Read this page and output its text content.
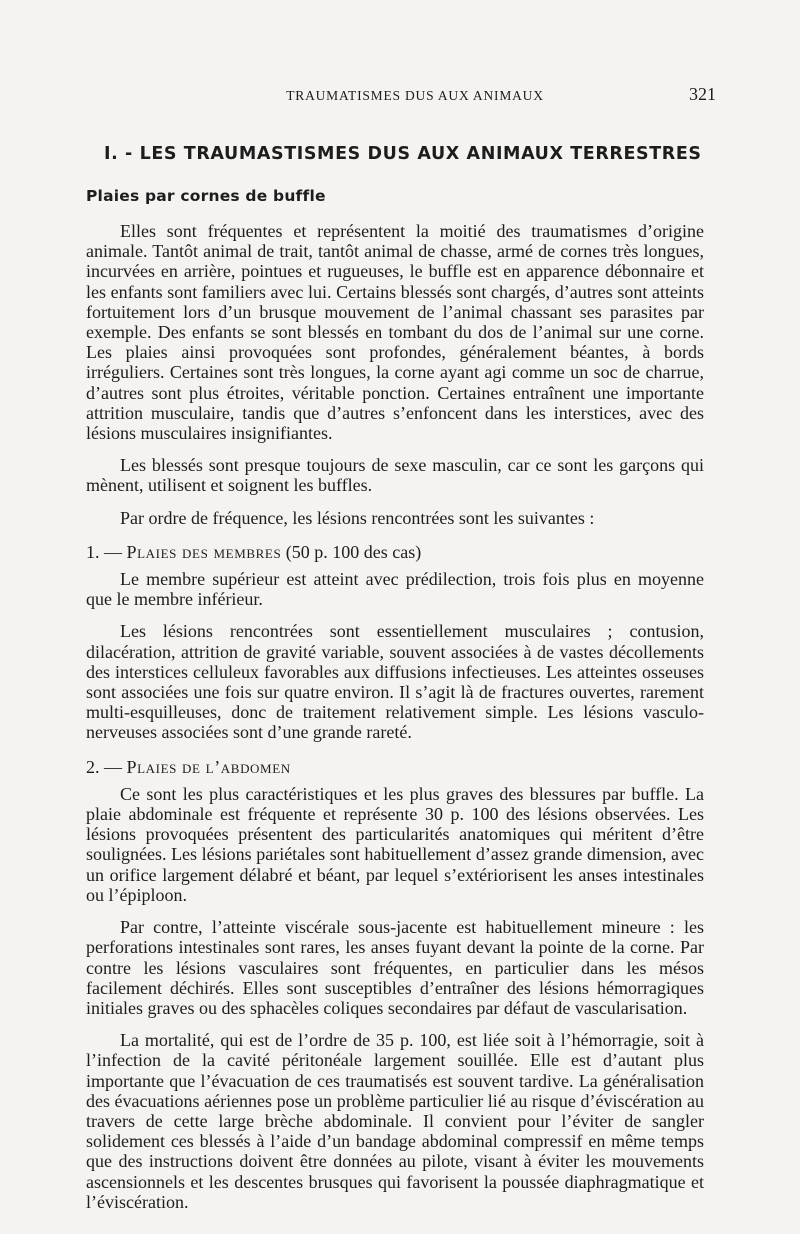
TRAUMATISMES DUS AUX ANIMAUX	321
I. - LES TRAUMASTISMES DUS AUX ANIMAUX TERRESTRES
Plaies par cornes de buffle

Elles sont fréquentes et représentent la moitié des traumatismes d’origine animale. Tantôt animal de trait, tantôt animal de chasse, armé de cornes très longues, incurvées en arrière, pointues et rugueuses, le buffle est en apparence débonnaire et les enfants sont familiers avec lui. Certains blessés sont chargés, d’autres sont atteints fortuitement lors d’un brusque mouvement de l’animal chassant ses parasites par exemple. Des enfants se sont blessés en tombant du dos de l’animal sur une corne. Les plaies ainsi provoquées sont profondes, généralement béantes, à bords irréguliers. Certaines sont très longues, la corne ayant agi comme un soc de charrue, d’autres sont plus étroites, véritable ponction. Certaines entraînent une importante attrition musculaire, tandis que d’autres s’enfoncent dans les interstices, avec des lésions musculaires insignifiantes.

Les blessés sont presque toujours de sexe masculin, car ce sont les garçons qui mènent, utilisent et soignent les buffles.

Par ordre de fréquence, les lésions rencontrées sont les suivantes :

1. — Plaies des membres (50 p. 100 des cas)

Le membre supérieur est atteint avec prédilection, trois fois plus en moyenne que le membre inférieur.

Les lésions rencontrées sont essentiellement musculaires ; contusion, dilacération, attrition de gravité variable, souvent associées à de vastes décollements des interstices celluleux favorables aux diffusions infectieuses. Les atteintes osseuses sont associées une fois sur quatre environ. Il s’agit là de fractures ouvertes, rarement multi-esquilleuses, donc de traitement relativement simple. Les lésions vasculo-nerveuses associées sont d’une grande rareté.

2. — Plaies de l’abdomen

Ce sont les plus caractéristiques et les plus graves des blessures par buffle. La plaie abdominale est fréquente et représente 30 p. 100 des lésions observées. Les lésions provoquées présentent des particularités anatomiques qui méritent d’être soulignées. Les lésions pariétales sont habituellement d’assez grande dimension, avec un orifice largement délabré et béant, par lequel s’extériorisent les anses intestinales ou l’épiploon.

Par contre, l’atteinte viscérale sous-jacente est habituellement mineure : les perforations intestinales sont rares, les anses fuyant devant la pointe de la corne. Par contre les lésions vasculaires sont fréquentes, en particulier dans les mésos facilement déchirés. Elles sont susceptibles d’entraîner des lésions hémorragiques initiales graves ou des sphacèles coliques secondaires par défaut de vascularisation.

La mortalité, qui est de l’ordre de 35 p. 100, est liée soit à l’hémorragie, soit à l’infection de la cavité péritonéale largement souillée. Elle est d’autant plus importante que l’évacuation de ces traumatisés est souvent tardive. La généralisation des évacuations aériennes pose un problème particulier lié au risque d’éviscération au travers de cette large brèche abdominale. Il convient pour l’éviter de sangler solidement ces blessés à l’aide d’un bandage abdominal compressif en même temps que des instructions doivent être données au pilote, visant à éviter les mouvements ascensionnels et les descentes brusques qui favorisent la poussée diaphragmatique et l’éviscération.
